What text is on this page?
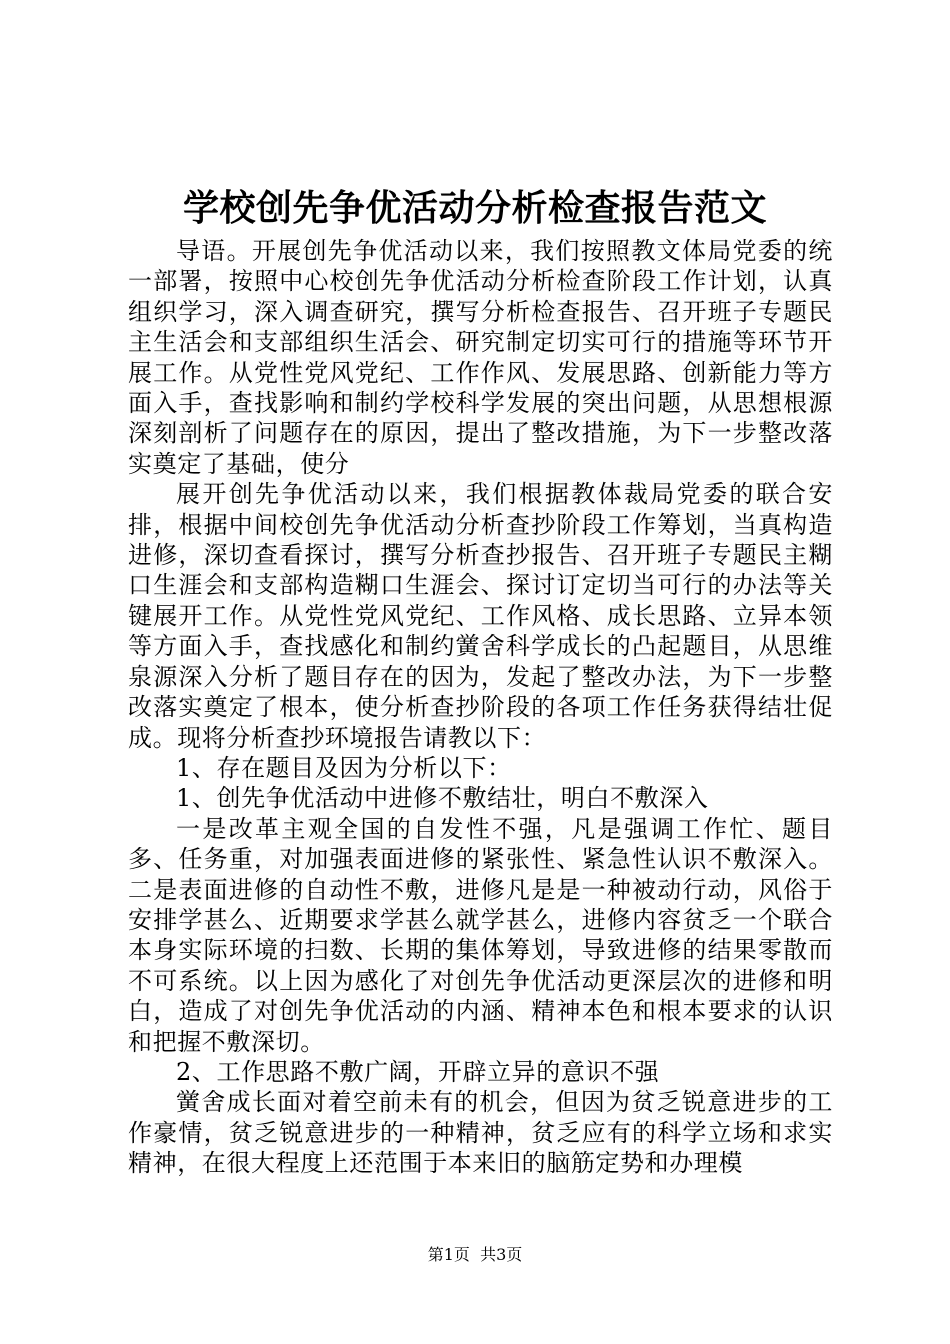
学校创先争优活动分析检查报告范文

导语。开展创先争优活动以来，我们按照教文体局党委的统一部署，按照中心校创先争优活动分析检查阶段工作计划，认真组织学习，深入调查研究，撰写分析检查报告、召开班子专题民主生活会和支部组织生活会、研究制定切实可行的措施等环节开展工作。从党性党风党纪、工作作风、发展思路、创新能力等方面入手，查找影响和制约学校科学发展的突出问题，从思想根源深刻剖析了问题存在的原因，提出了整改措施，为下一步整改落实奠定了基础，使分

展开创先争优活动以来，我们根据教体裁局党委的联合安排，根据中间校创先争优活动分析查抄阶段工作筹划，当真构造进修，深切查看探讨，撰写分析查抄报告、召开班子专题民主糊口生涯会和支部构造糊口生涯会、探讨订定切当可行的办法等关键展开工作。从党性党风党纪、工作风格、成长思路、立异本领等方面入手，查找感化和制约黉舍科学成长的凸起题目，从思维泉源深入分析了题目存在的因为，发起了整改办法，为下一步整改落实奠定了根本，使分析查抄阶段的各项工作任务获得结壮促成。现将分析查抄环境报告请教以下：

1、存在题目及因为分析以下：

1、创先争优活动中进修不敷结壮，明白不敷深入

一是改革主观全国的自发性不强，凡是强调工作忙、题目多、任务重，对加强表面进修的紧张性、紧急性认识不敷深入。二是表面进修的自动性不敷，进修凡是是一种被动行动，风俗于安排学甚么、近期要求学甚么就学甚么，进修内容贫乏一个联合本身实际环境的扫数、长期的集体筹划，导致进修的结果零散而不可系统。以上因为感化了对创先争优活动更深层次的进修和明白，造成了对创先争优活动的内涵、精神本色和根本要求的认识和把握不敷深切。

2、工作思路不敷广阔，开辟立异的意识不强

黉舍成长面对着空前未有的机会，但因为贫乏锐意进步的工作豪情，贫乏锐意进步的一种精神，贫乏应有的科学立场和求实精神，在很大程度上还范围于本来旧的脑筋定势和办理模

第1页  共3页
